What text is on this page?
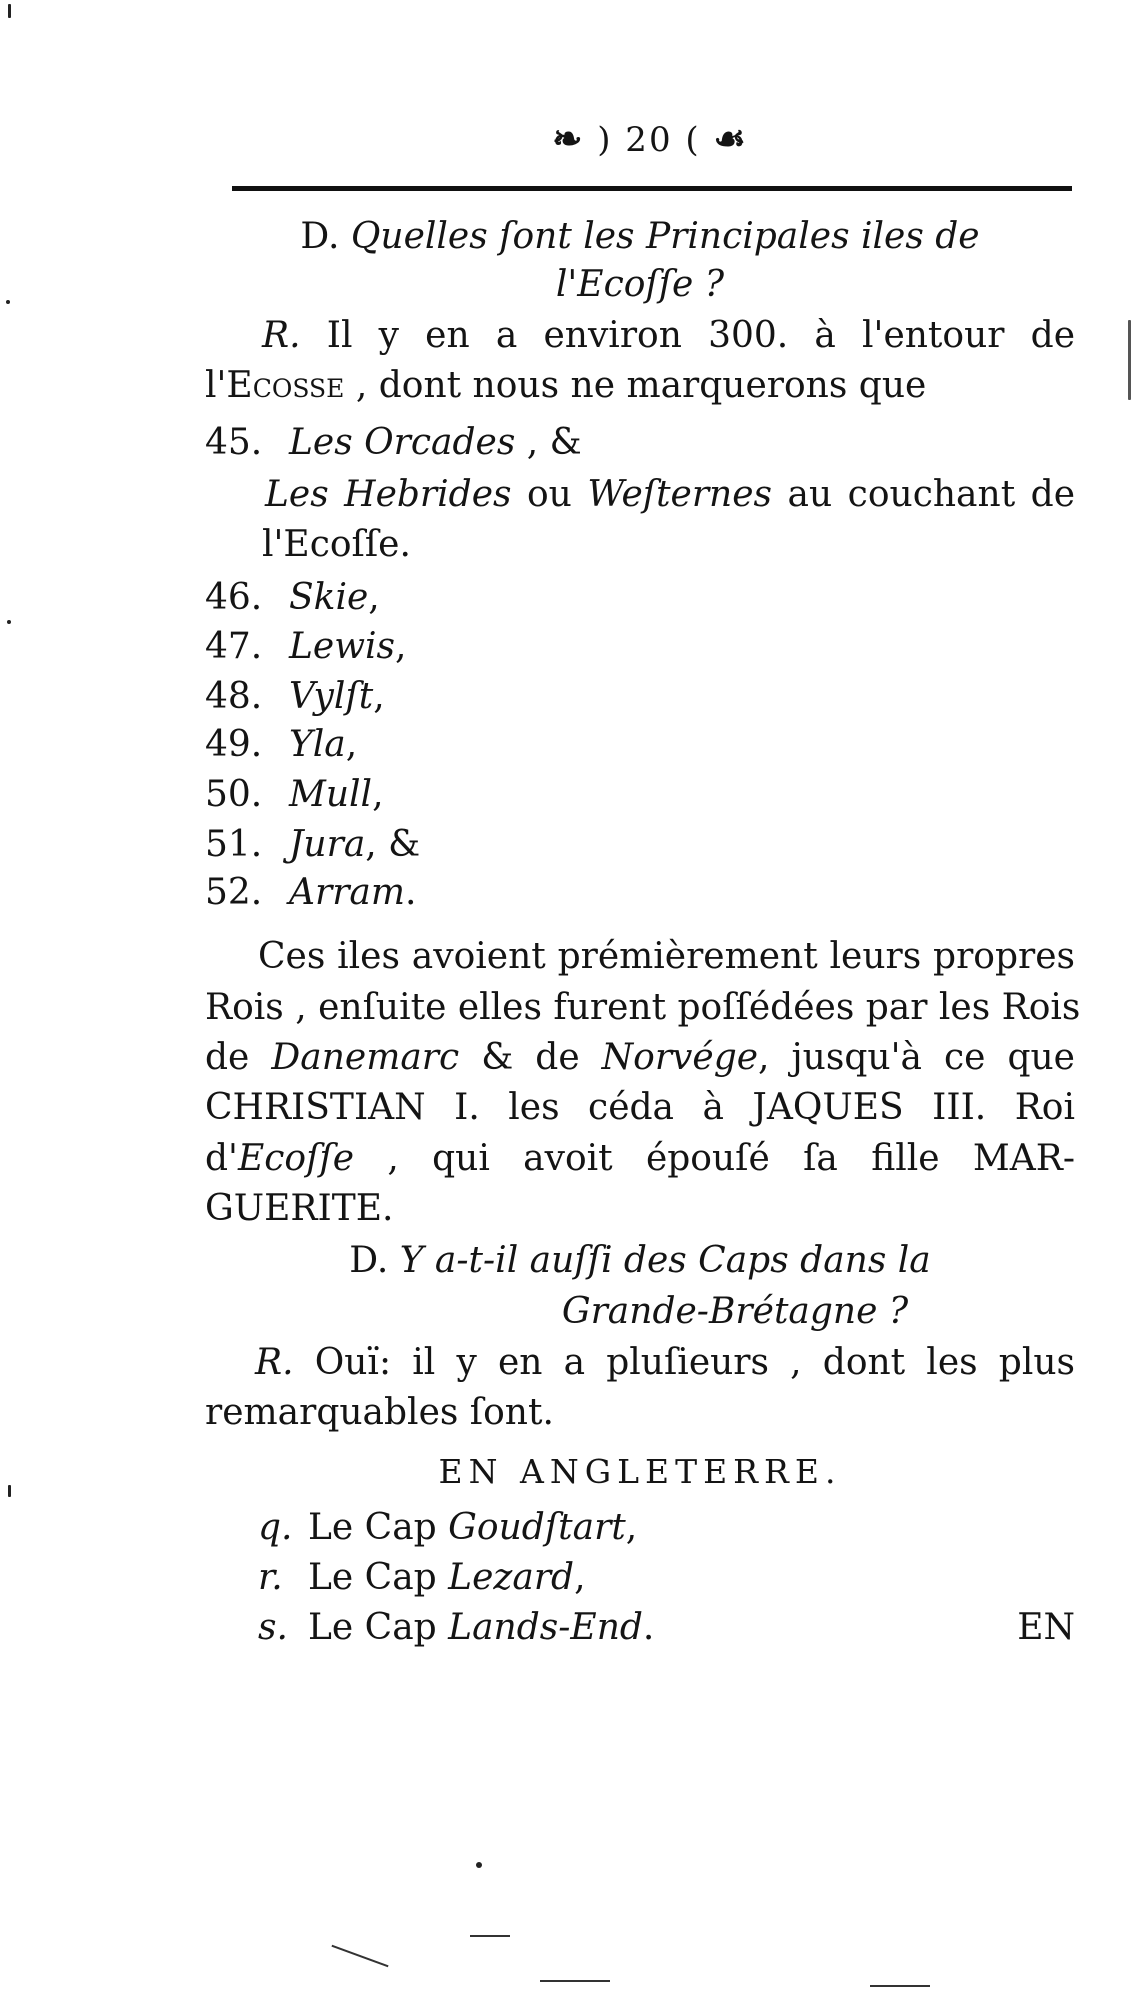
❧ ) 20 ( ☙
D. Quelles ſont les Principales iles de
l'Ecoſſe ?
R. Il y en a environ 300. à l'entour de
l'Ecosse , dont nous ne marquerons que
45. Les Orcades , &
Les Hebrides ou Weſternes au couchant de
l'Ecoſſe.
46. Skie,
47. Lewis,
48. Vylſt,
49. Yla,
50. Mull,
51. Jura, &
52. Arram.
Ces iles avoient prémièrement leurs propres
Rois , enſuite elles furent poſſédées par les Rois
de Danemarc & de Norvége, jusqu'à ce que
CHRISTIAN I. les céda à JAQUES III. Roi
d'Ecoſſe , qui avoit épouſé ſa fille MAR-
GUERITE.
D. Y a-t-il auſſi des Caps dans la
Grande-Brétagne ?
R. Ouï: il y en a pluſieurs , dont les plus
remarquables ſont.
EN ANGLETERRE.
q. Le Cap Goudſtart,
r. Le Cap Lezard,
s. Le Cap Lands-End.	EN
